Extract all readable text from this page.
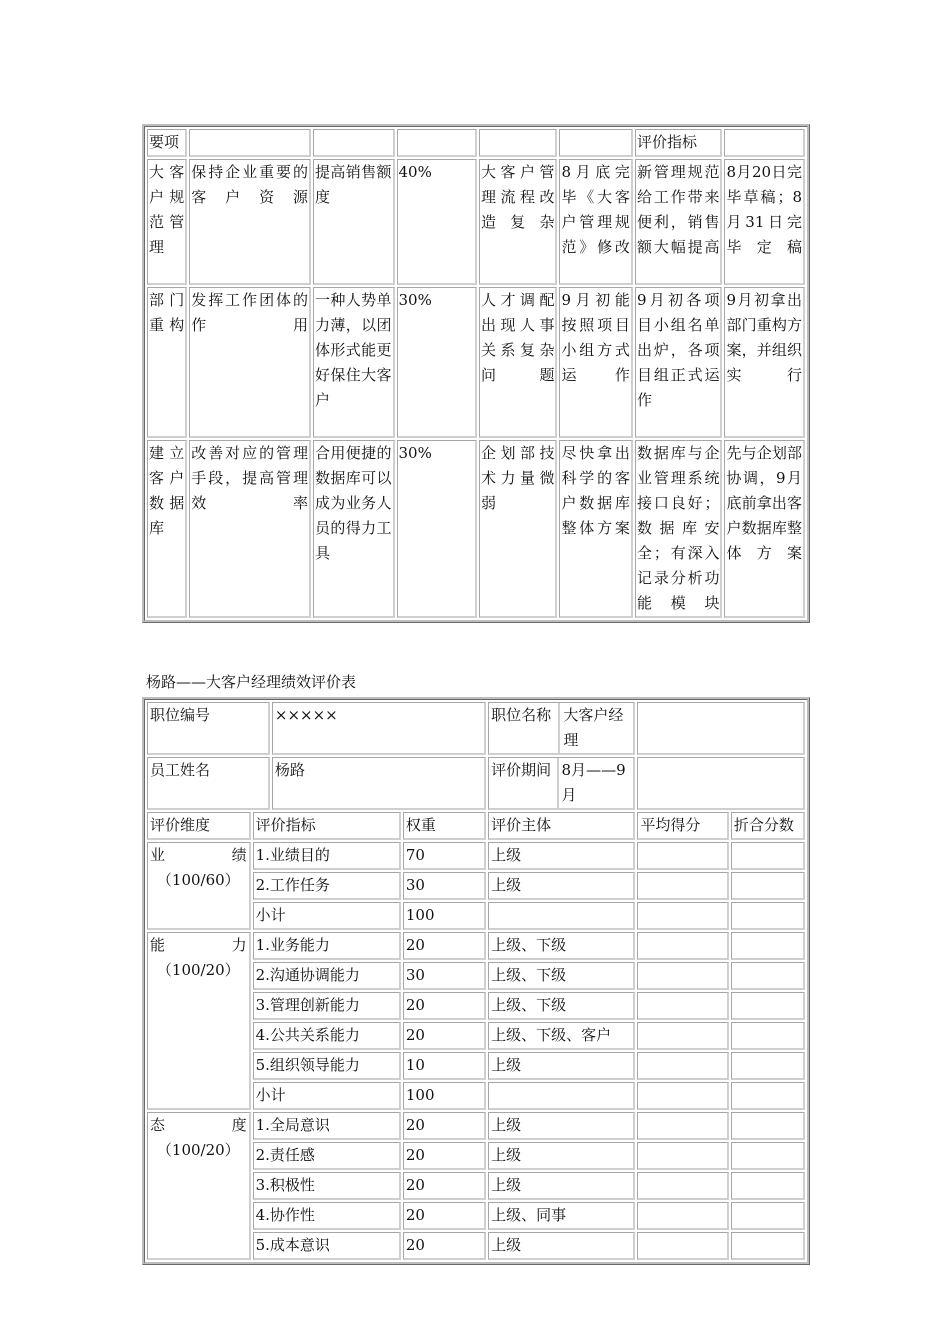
要项						评价指标	
大客户规范管理	保持企业重要的客户资源	提高销售额度	40%	大客户管理流程改造复杂	8月底完毕《大客户管理规范》修改	新管理规范给工作带来便利，销售额大幅提高	8月20日完毕草稿；8月31日完毕定稿
部门重构	发挥工作团体的作用	一种人势单力薄，以团体形式能更好保住大客户	30%	人才调配出现人事关系复杂问题	9月初能按照项目小组方式运作	9月初各项目小组名单出炉，各项目组正式运作	9月初拿出部门重构方案，并组织实行
建立客户数据库	改善对应的管理手段，提高管理效率	合用便捷的数据库可以成为业务人员的得力工具	30%	企划部技术力量微弱	尽快拿出科学的客户数据库整体方案	数据库与企业管理系统接口良好；数据库安全；有深入记录分析功能模块	先与企划部协调，9月底前拿出客户数据库整体方案
杨路——大客户经理绩效评价表
职位编号		×××××		职位名称 大客户经理		

员工姓名		杨路		评价期间 8月——9月		

评价维度	评价指标		权重	评价主体	平均得分	折合分数

业 绩
（100/60）	1.业绩目的		70	上级		
	2.工作任务		30	上级		
	小计		100			

能 力
（100/20）	1.业务能力		20	上级、下级		
	2.沟通协调能力		30	上级、下级		
	3.管理创新能力		20	上级、下级		
	4.公共关系能力		20	上级、下级、客户		
	5.组织领导能力		10	上级		
	小计		100			

态 度
（100/20）	1.全局意识		20	上级		
	2.责任感		20	上级		
	3.积极性		20	上级		
	4.协作性		20	上级、同事		
	5.成本意识		20	上级		
